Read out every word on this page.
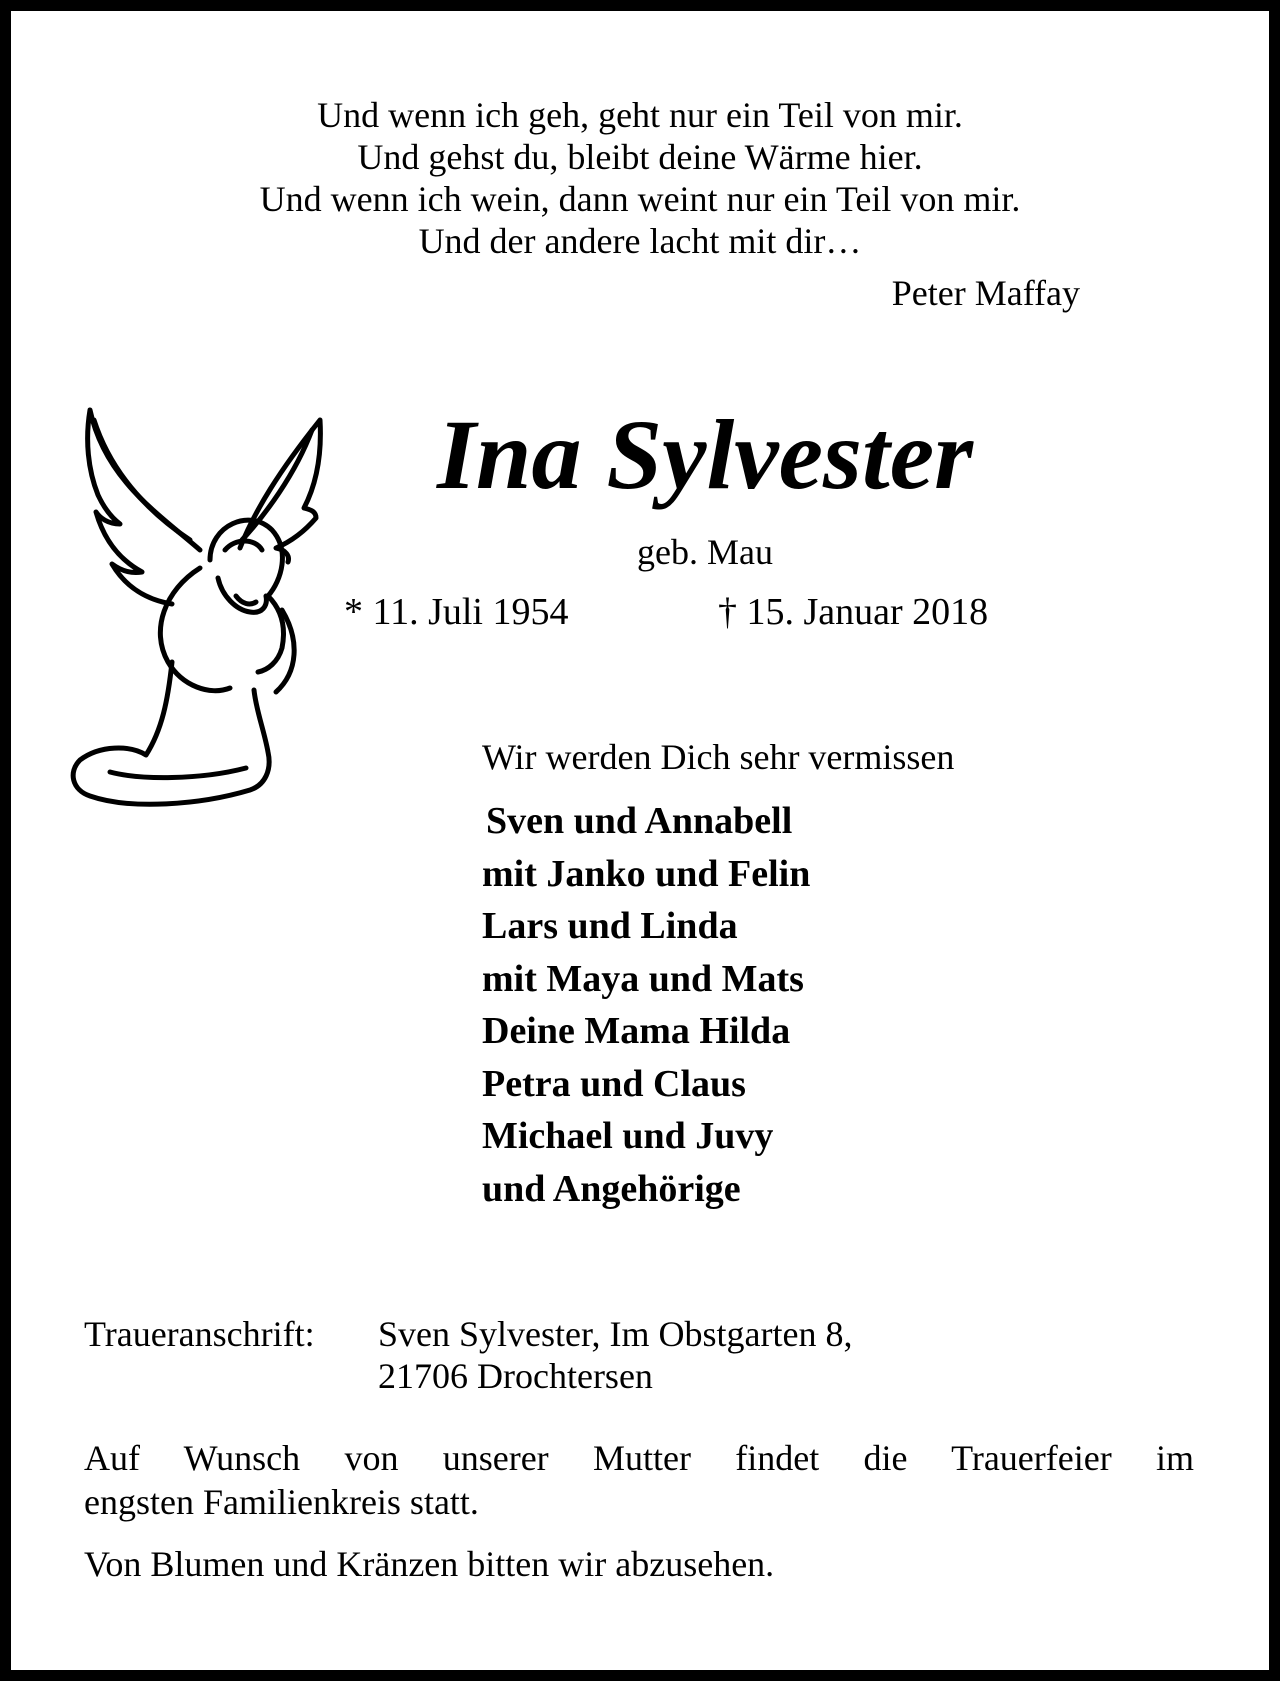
Und wenn ich geh, geht nur ein Teil von mir.
Und gehst du, bleibt deine Wärme hier.
Und wenn ich wein, dann weint nur ein Teil von mir.
Und der andere lacht mit dir…
Peter Maffay
Ina Sylvester
geb. Mau
* 11. Juli 1954	† 15. Januar 2018
Wir werden Dich sehr vermissen
Sven und Annabell
mit Janko und Felin
Lars und Linda
mit Maya und Mats
Deine Mama Hilda
Petra und Claus
Michael und Juvy
und Angehörige
Traueranschrift: Sven Sylvester, Im Obstgarten 8,
21706 Drochtersen
Auf Wunsch von unserer Mutter findet die Trauerfeier im
engsten Familienkreis statt.
Von Blumen und Kränzen bitten wir abzusehen.
